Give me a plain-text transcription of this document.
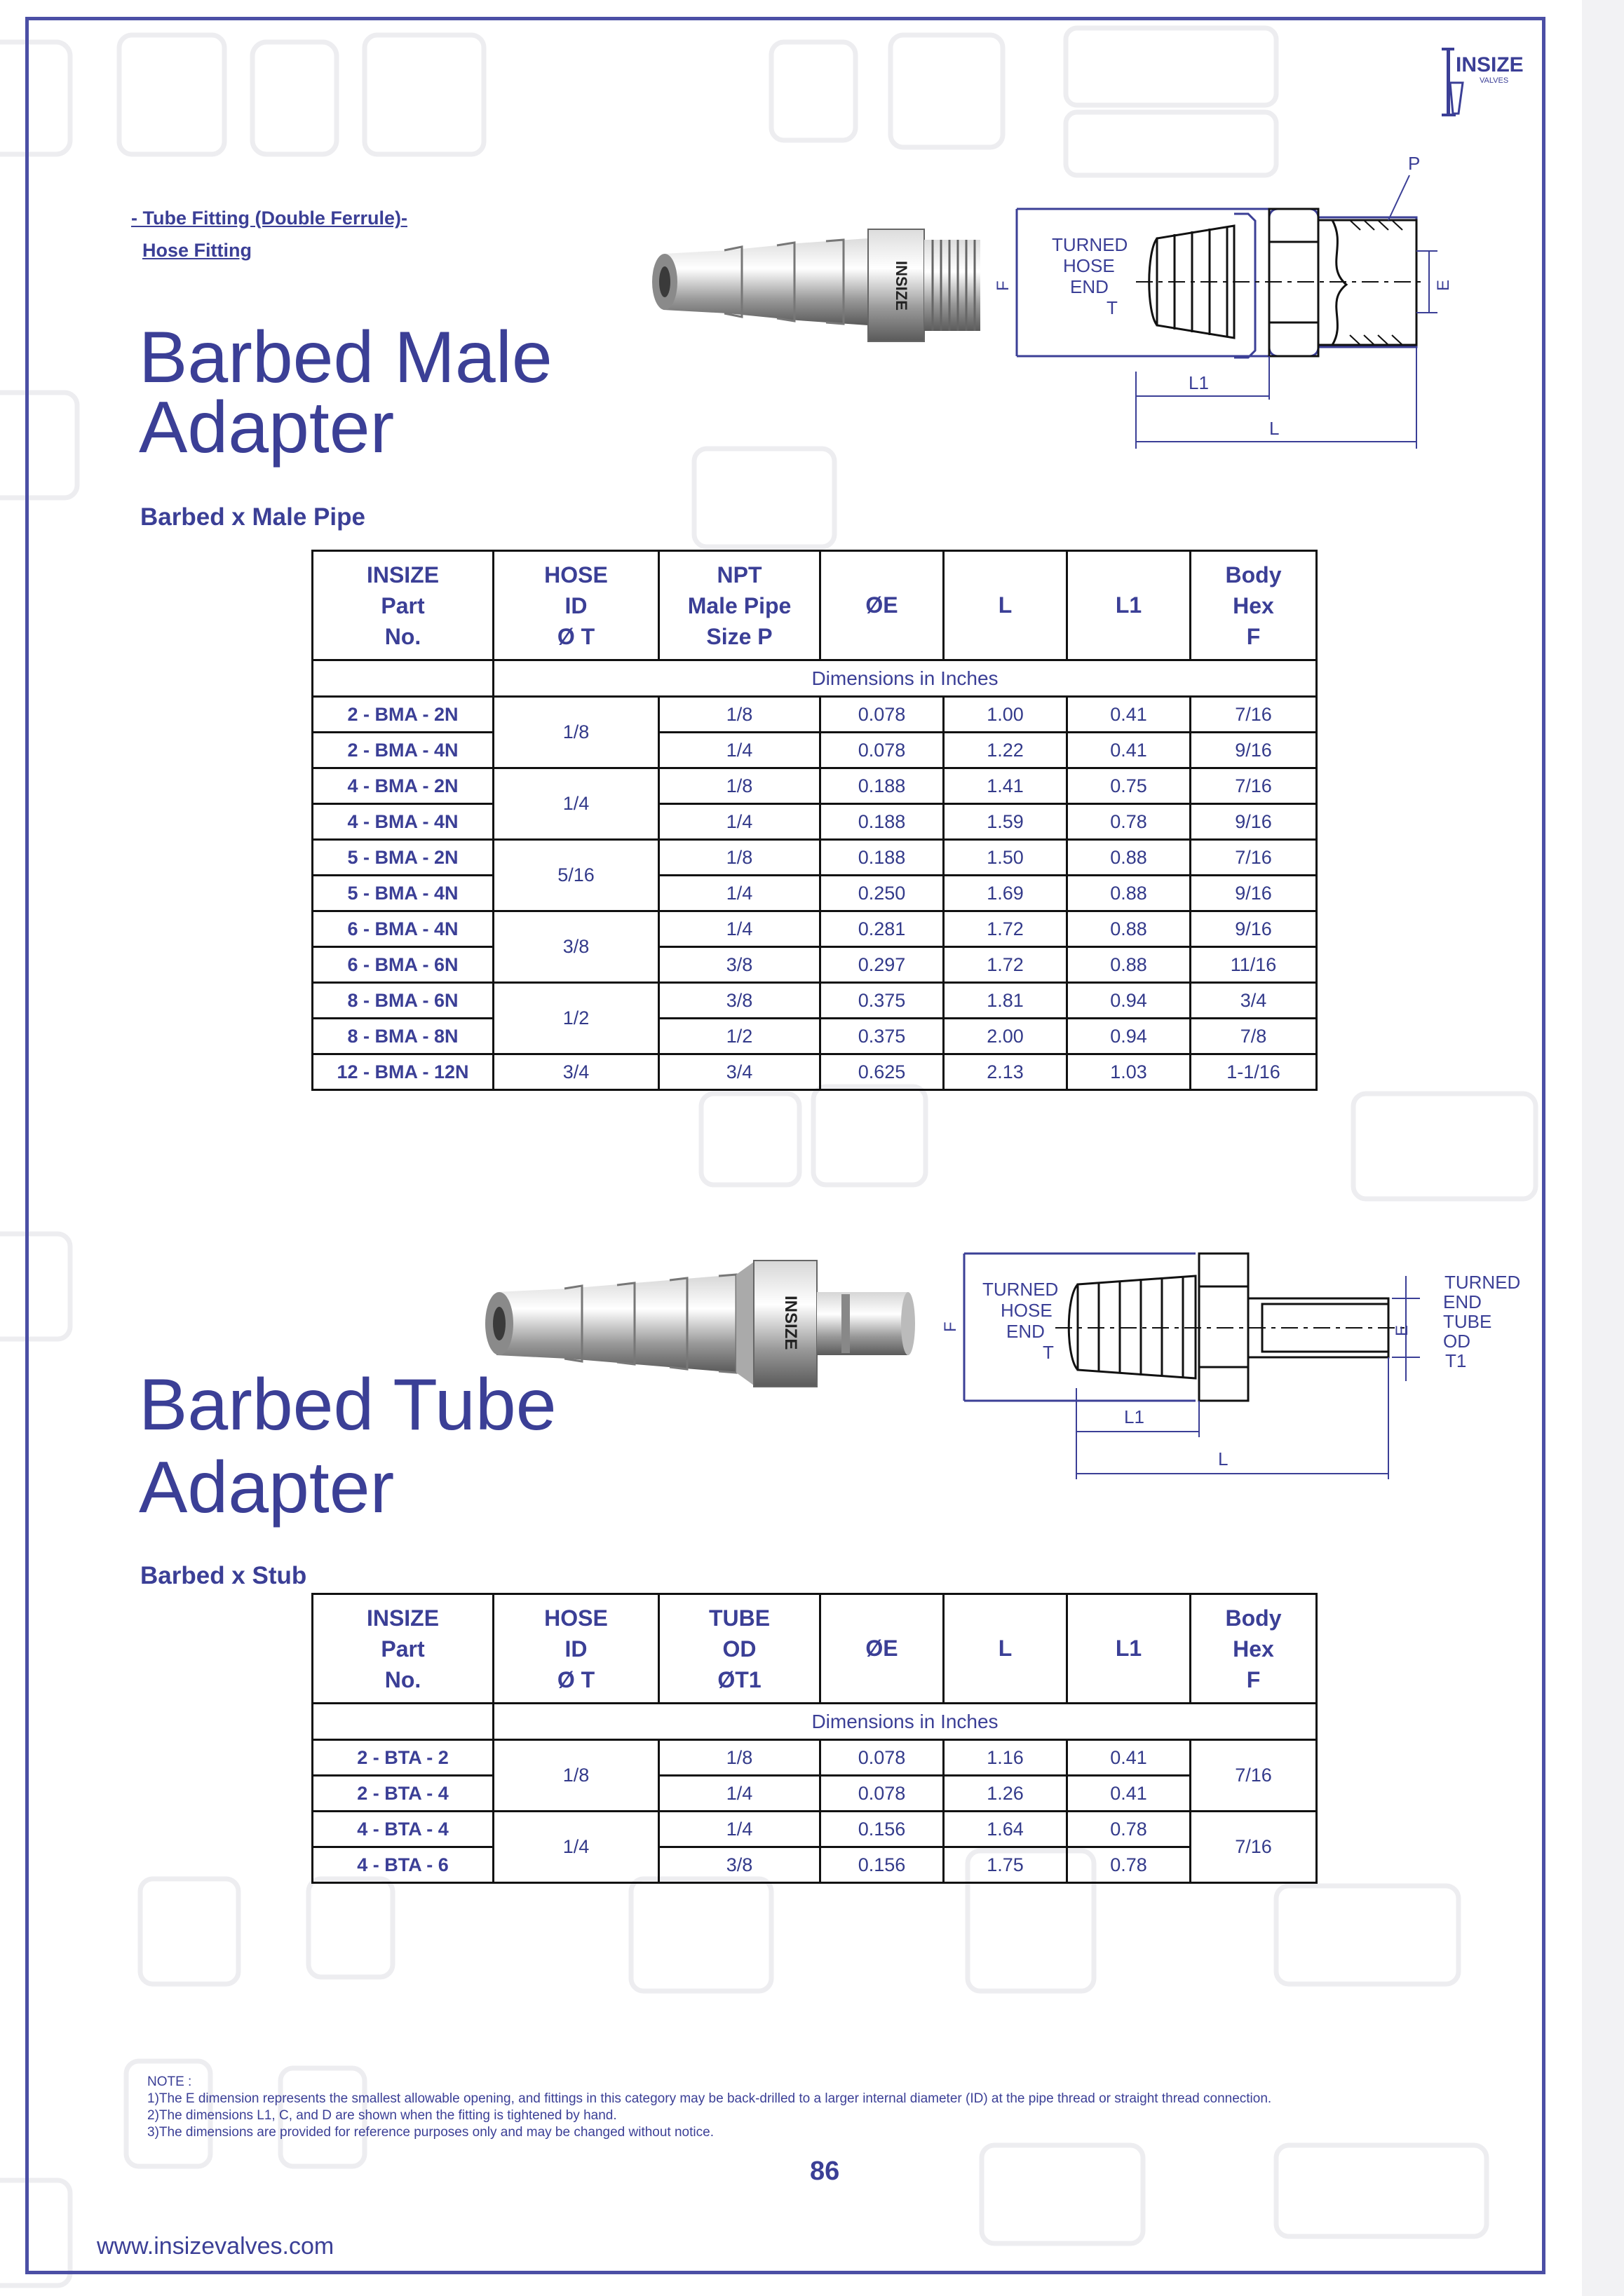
INSIZE
VALVES
- Tube Fitting (Double Ferrule)-
Hose Fitting
Barbed Male
Adapter
Barbed x Male Pipe
INSIZE
TURNED
HOSE
END
T
F	E
P
L1
L
INSIZE
Part
No.	HOSE
ID
Ø T	NPT
Male Pipe
Size P	ØE	L	L1	Body
Hex
F
	Dimensions in Inches					
2 - BMA - 2N	1/8	1/8	0.078	1.00	0.41	7/16
2 - BMA - 4N		1/4	0.078	1.22	0.41	9/16
4 - BMA - 2N	1/4	1/8	0.188	1.41	0.75	7/16
4 - BMA - 4N		1/4	0.188	1.59	0.78	9/16
5 - BMA - 2N	5/16	1/8	0.188	1.50	0.88	7/16
5 - BMA - 4N		1/4	0.250	1.69	0.88	9/16
6 - BMA - 4N	3/8	1/4	0.281	1.72	0.88	9/16
6 - BMA - 6N		3/8	0.297	1.72	0.88	11/16
8 - BMA - 6N	1/2	3/8	0.375	1.81	0.94	3/4
8 - BMA - 8N		1/2	0.375	2.00	0.94	7/8
12 - BMA - 12N	3/4	3/4	0.625	2.13	1.03	1-1/16
INSIZE
Barbed Tube
Adapter
Barbed x Stub
TURNED
HOSE
END
T
F	E
L1
L
TURNED
END
TUBE
OD
T1
INSIZE
Part
No.	HOSE
ID
Ø T	TUBE
OD
ØT1	ØE	L	L1	Body
Hex
F
	Dimensions in Inches					
2 - BTA - 2	1/8	1/8	0.078	1.16	0.41	7/16
2 - BTA - 4		1/4	0.078	1.26	0.41	
4 - BTA - 4	1/4	1/4	0.156	1.64	0.78	7/16
4 - BTA - 6		3/8	0.156	1.75	0.78	
NOTE :
1)The E dimension represents the smallest allowable opening, and fittings in this category may be back-drilled to a larger internal diameter (ID) at the pipe thread or straight thread connection.
2)The dimensions L1, C, and D are shown when the fitting is tightened by hand.
3)The dimensions are provided for reference purposes only and may be changed without notice.
86
www.insizevalves.com
